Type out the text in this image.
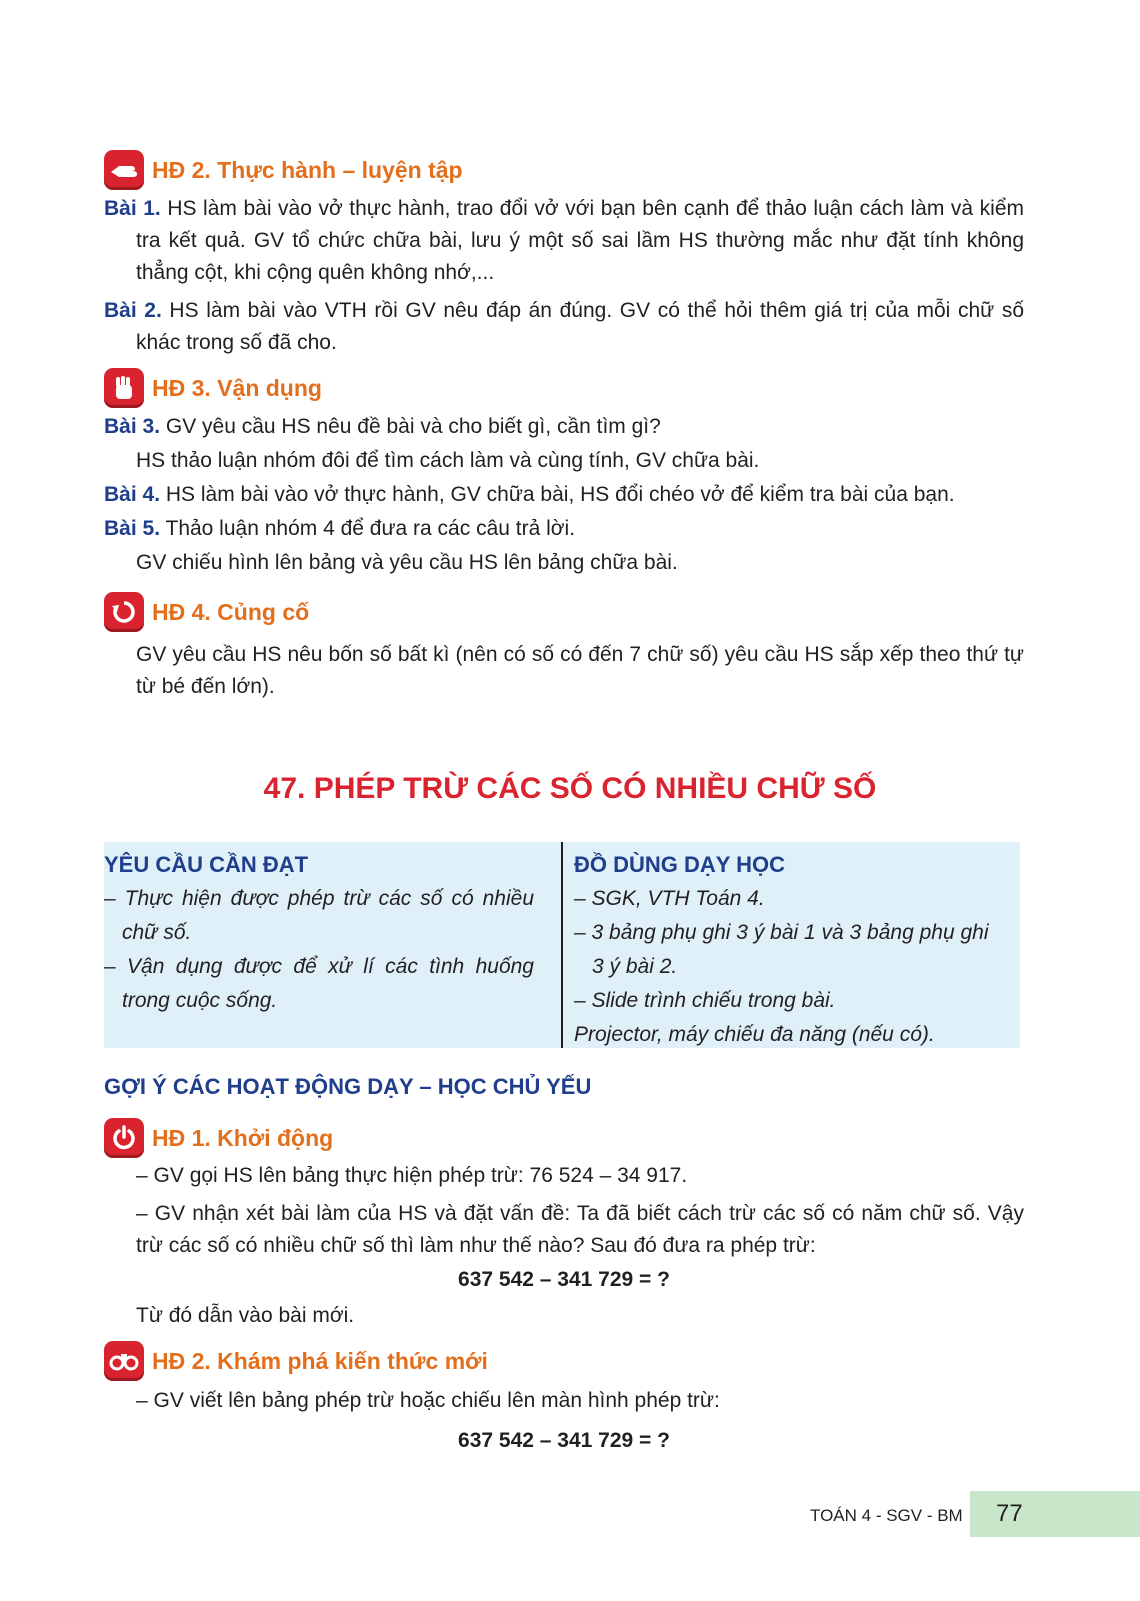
HĐ 2. Thực hành – luyện tập

Bài 1. HS làm bài vào vở thực hành, trao đổi vở với bạn bên cạnh để thảo luận cách làm và kiểm tra kết quả. GV tổ chức chữa bài, lưu ý một số sai lầm HS thường mắc như đặt tính không thẳng cột, khi cộng quên không nhớ,...

Bài 2. HS làm bài vào VTH rồi GV nêu đáp án đúng. GV có thể hỏi thêm giá trị của mỗi chữ số khác trong số đã cho.

HĐ 3. Vận dụng

Bài 3. GV yêu cầu HS nêu đề bài và cho biết gì, cần tìm gì?

HS thảo luận nhóm đôi để tìm cách làm và cùng tính, GV chữa bài.

Bài 4. HS làm bài vào vở thực hành, GV chữa bài, HS đổi chéo vở để kiểm tra bài của bạn.

Bài 5. Thảo luận nhóm 4 để đưa ra các câu trả lời.

GV chiếu hình lên bảng và yêu cầu HS lên bảng chữa bài.

HĐ 4. Củng cố

GV yêu cầu HS nêu bốn số bất kì (nên có số có đến 7 chữ số) yêu cầu HS sắp xếp theo thứ tự từ bé đến lớn).

47. PHÉP TRỪ CÁC SỐ CÓ NHIỀU CHỮ SỐ
YÊU CẦU CẦN ĐẠT
– Thực hiện được phép trừ các số có nhiều chữ số.
– Vận dụng được để xử lí các tình huống trong cuộc sống.
ĐỒ DÙNG DẠY HỌC
– SGK, VTH Toán 4.
– 3 bảng phụ ghi 3 ý bài 1 và 3 bảng phụ ghi 3 ý bài 2.
– Slide trình chiếu trong bài.
Projector, máy chiếu đa năng (nếu có).
GỢI Ý CÁC HOẠT ĐỘNG DẠY – HỌC CHỦ YẾU
HĐ 1. Khởi động

– GV gọi HS lên bảng thực hiện phép trừ: 76 524 – 34 917.

– GV nhận xét bài làm của HS và đặt vấn đề: Ta đã biết cách trừ các số có năm chữ số. Vậy trừ các số có nhiều chữ số thì làm như thế nào? Sau đó đưa ra phép trừ:

637 542 – 341 729 = ?

Từ đó dẫn vào bài mới.

HĐ 2. Khám phá kiến thức mới

– GV viết lên bảng phép trừ hoặc chiếu lên màn hình phép trừ:

637 542 – 341 729 = ?

TOÁN 4 - SGV - BM 77
